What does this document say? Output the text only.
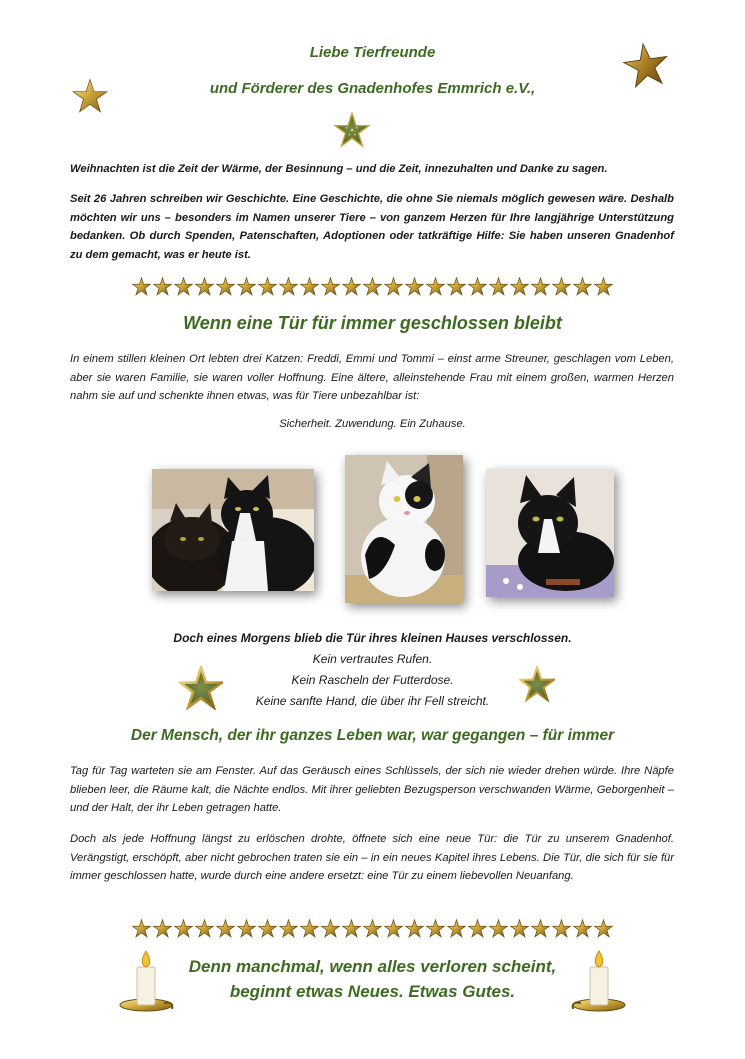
Liebe Tierfreunde
und Förderer des Gnadenhofes Emmrich e.V.,

Weihnachten ist die Zeit der Wärme, der Besinnung – und die Zeit, innezuhalten und Danke zu sagen.

Seit 26 Jahren schreiben wir Geschichte. Eine Geschichte, die ohne Sie niemals möglich gewesen wäre. Deshalb möchten wir uns – besonders im Namen unserer Tiere – von ganzem Herzen für Ihre langjährige Unterstützung bedanken. Ob durch Spenden, Patenschaften, Adoptionen oder tatkräftige Hilfe: Sie haben unseren Gnadenhof zu dem gemacht, was er heute ist.

Wenn eine Tür für immer geschlossen bleibt

In einem stillen kleinen Ort lebten drei Katzen: Freddi, Emmi und Tommi – einst arme Streuner, geschlagen vom Leben, aber sie waren Familie, sie waren voller Hoffnung. Eine ältere, alleinstehende Frau mit einem großen, warmen Herzen nahm sie auf und schenkte ihnen etwas, was für Tiere unbezahlbar ist:

Sicherheit. Zuwendung. Ein Zuhause.
Doch eines Morgens blieb die Tür ihres kleinen Hauses verschlossen.
Kein vertrautes Rufen.
Kein Rascheln der Futterdose.
Keine sanfte Hand, die über ihr Fell streicht.
Der Mensch, der ihr ganzes Leben war, war gegangen – für immer

Tag für Tag warteten sie am Fenster. Auf das Geräusch eines Schlüssels, der sich nie wieder drehen würde. Ihre Näpfe blieben leer, die Räume kalt, die Nächte endlos. Mit ihrer geliebten Bezugsperson verschwanden Wärme, Geborgenheit – und der Halt, der ihr Leben getragen hatte.

Doch als jede Hoffnung längst zu erlöschen drohte, öffnete sich eine neue Tür: die Tür zu unserem Gnadenhof. Verängstigt, erschöpft, aber nicht gebrochen traten sie ein – in ein neues Kapitel ihres Lebens. Die Tür, die sich für sie für immer geschlossen hatte, wurde durch eine andere ersetzt: eine Tür zu einem liebevollen Neuanfang.

Denn manchmal, wenn alles verloren scheint,
beginnt etwas Neues. Etwas Gutes.
